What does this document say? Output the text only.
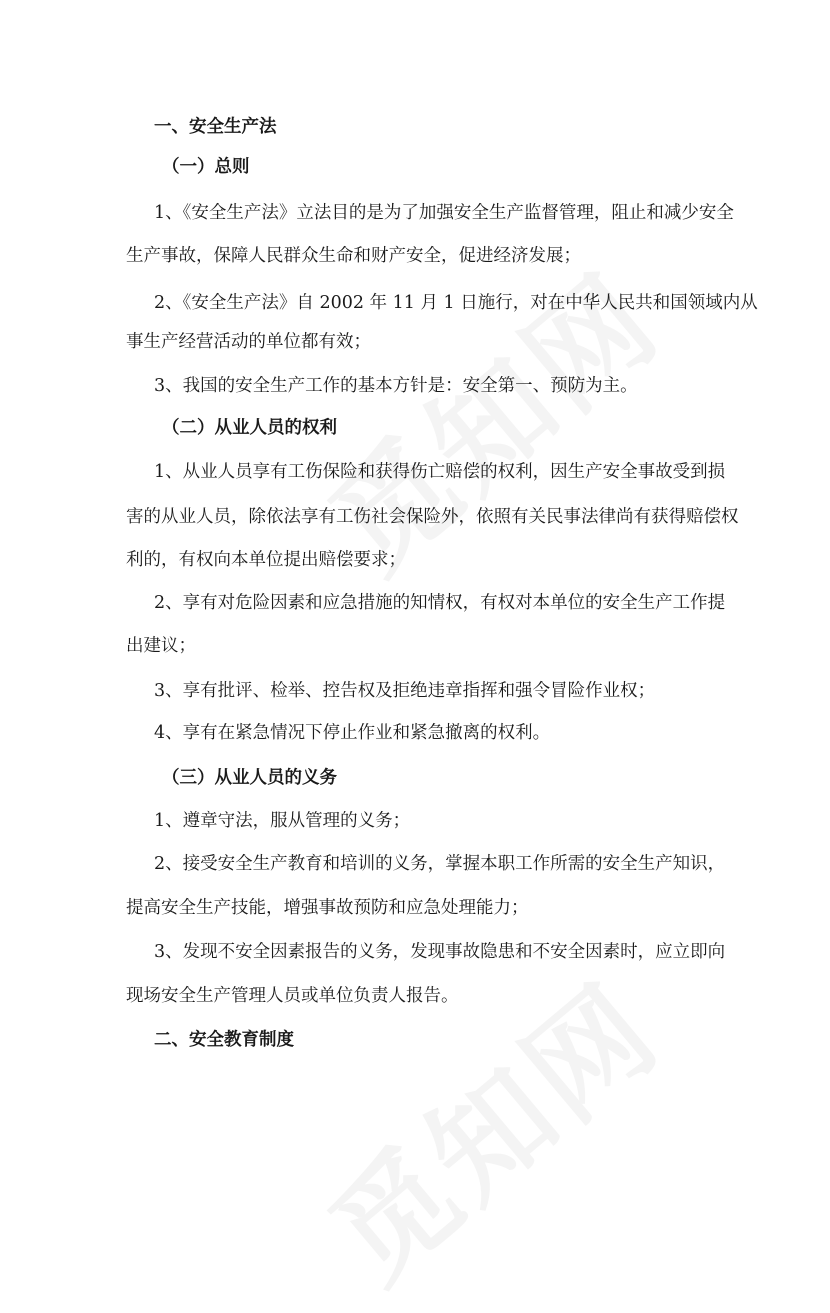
一、安全生产法
（一）总则
1、《安全生产法》立法目的是为了加强安全生产监督管理，阻止和减少安全
生产事故，保障人民群众生命和财产安全，促进经济发展；
2、《安全生产法》自 2002 年 11 月 1 日施行，对在中华人民共和国领域内从
事生产经营活动的单位都有效；
3、我国的安全生产工作的基本方针是：安全第一、预防为主。
（二）从业人员的权利
1、从业人员享有工伤保险和获得伤亡赔偿的权利，因生产安全事故受到损
害的从业人员，除依法享有工伤社会保险外，依照有关民事法律尚有获得赔偿权
利的，有权向本单位提出赔偿要求；
2、享有对危险因素和应急措施的知情权，有权对本单位的安全生产工作提
出建议；
3、享有批评、检举、控告权及拒绝违章指挥和强令冒险作业权；
4、享有在紧急情况下停止作业和紧急撤离的权利。
（三）从业人员的义务
1、遵章守法，服从管理的义务；
2、接受安全生产教育和培训的义务，掌握本职工作所需的安全生产知识，
提高安全生产技能，增强事故预防和应急处理能力；
3、发现不安全因素报告的义务，发现事故隐患和不安全因素时，应立即向
现场安全生产管理人员或单位负责人报告。
二、安全教育制度
